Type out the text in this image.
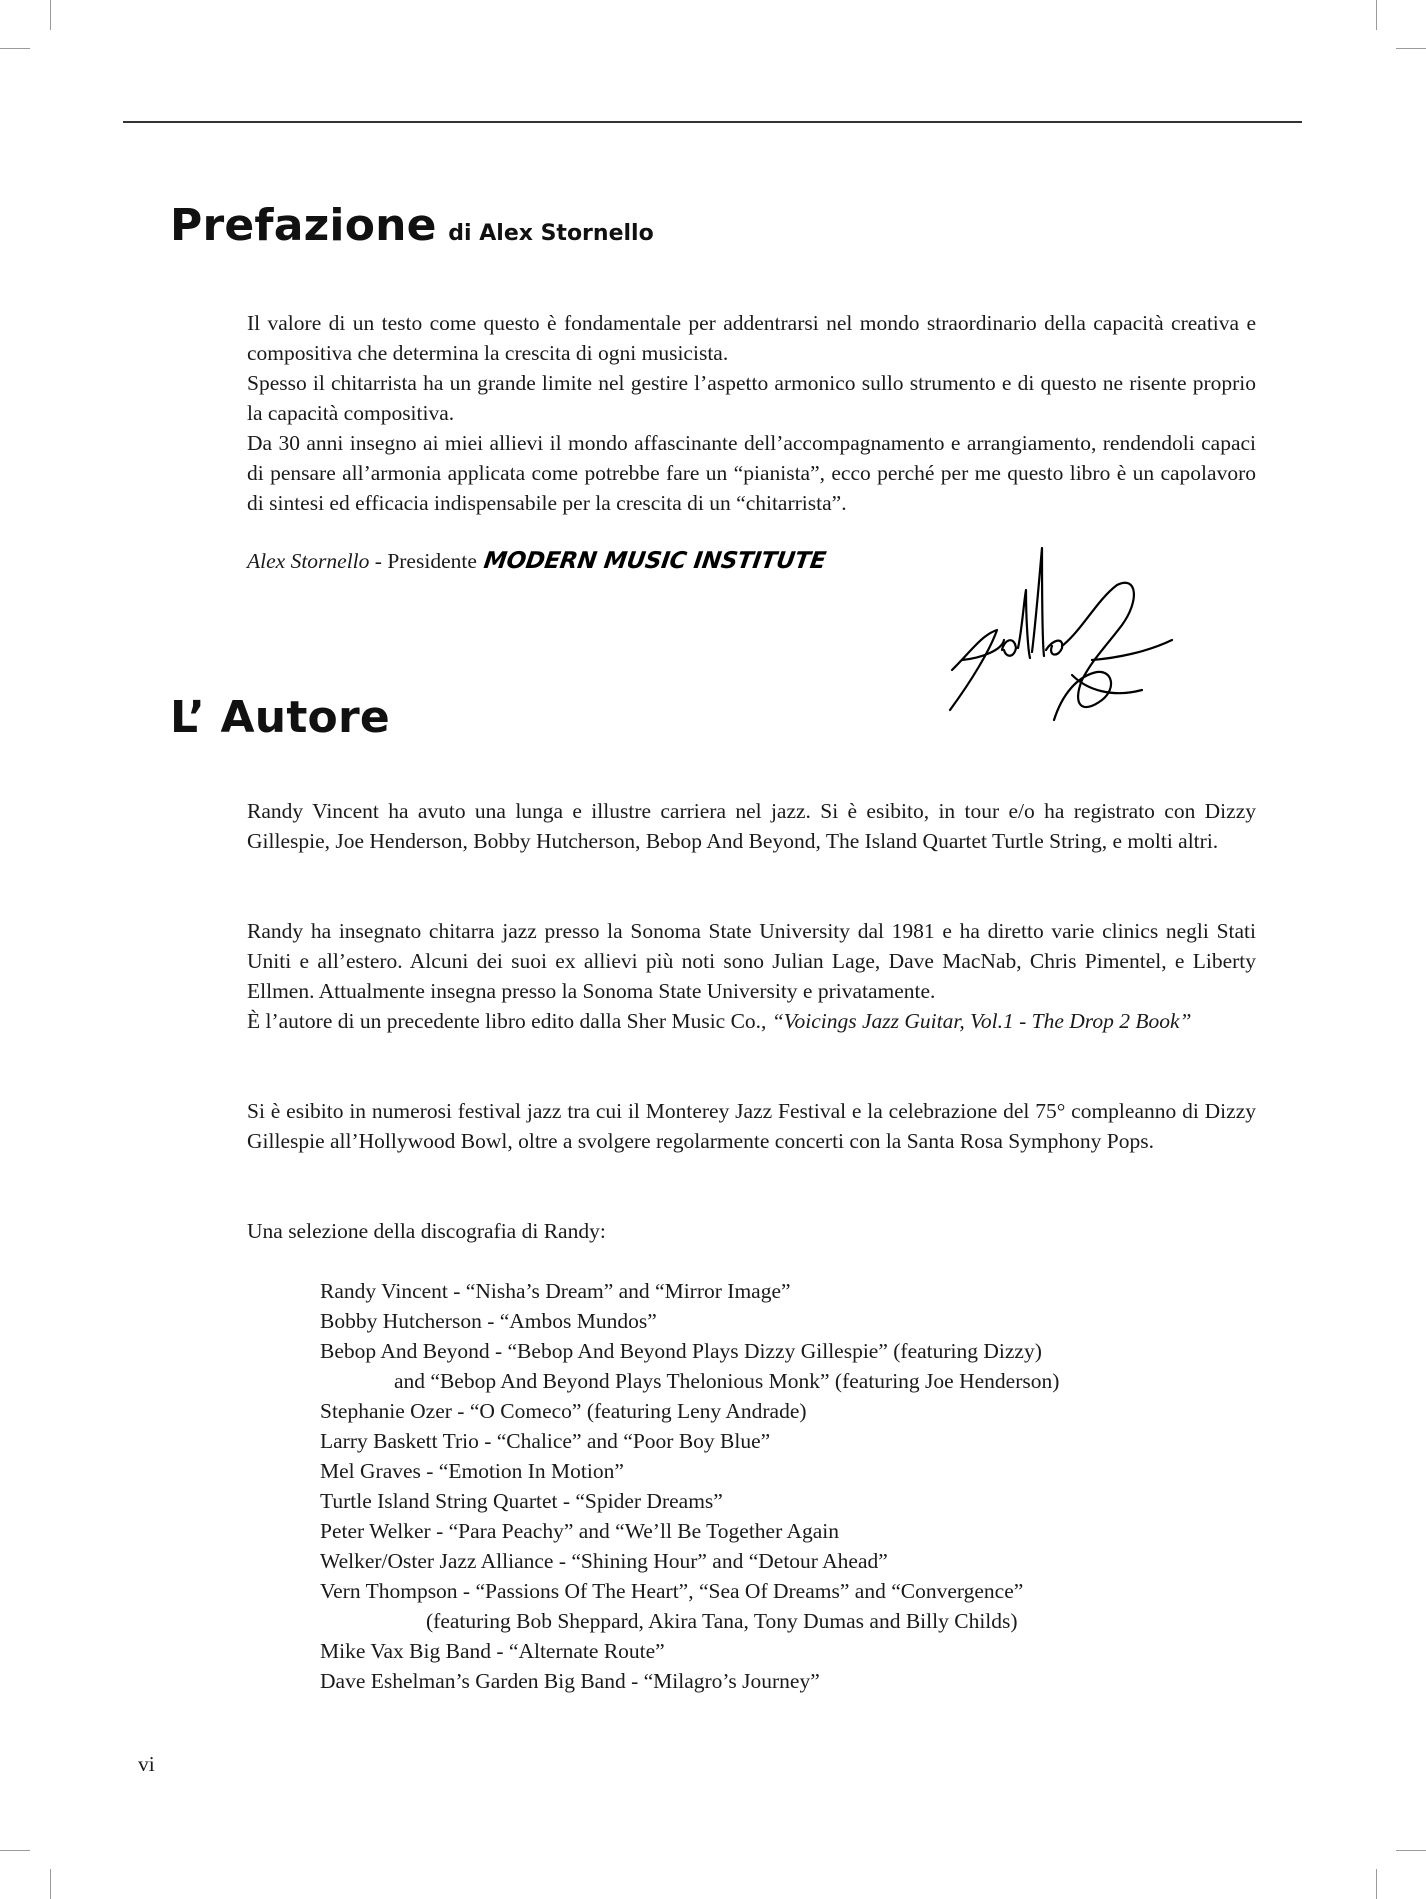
Prefazione di Alex Stornello

Il valore di un testo come questo è fondamentale per addentrarsi nel mondo straordinario della capacità creativa e compositiva che determina la crescita di ogni musicista.

Spesso il chitarrista ha un grande limite nel gestire l’aspetto armonico sullo strumento e di questo ne risente proprio la capacità compositiva.

Da 30 anni insegno ai miei allievi il mondo affascinante dell’accompagnamento e arrangiamento, rendendoli capaci di pensare all’armonia applicata come potrebbe fare un “pianista”, ecco perché per me questo libro è un capolavoro di sintesi ed efficacia indispensabile per la crescita di un “chitarrista”.

Alex Stornello - Presidente MODERN MUSIC INSTITUTE
L’ Autore

Randy Vincent ha avuto una lunga e illustre carriera nel jazz. Si è esibito, in tour e/o ha registrato con Dizzy Gillespie, Joe Henderson, Bobby Hutcherson, Bebop And Beyond, The Island Quartet Turtle String, e molti altri.

Randy ha insegnato chitarra jazz presso la Sonoma State University dal 1981 e ha diretto varie clinics negli Stati Uniti e all’estero. Alcuni dei suoi ex allievi più noti sono Julian Lage, Dave MacNab, Chris Pimentel, e Liberty Ellmen. Attualmente insegna presso la Sonoma State University e privatamente.

È l’autore di un precedente libro edito dalla Sher Music Co., “Voicings Jazz Guitar, Vol.1 - The Drop 2 Book”

Si è esibito in numerosi festival jazz tra cui il Monterey Jazz Festival e la celebrazione del 75° compleanno di Dizzy Gillespie all’Hollywood Bowl, oltre a svolgere regolarmente concerti con la Santa Rosa Symphony Pops.

Una selezione della discografia di Randy:

Randy Vincent - “Nisha’s Dream” and “Mirror Image”
Bobby Hutcherson - “Ambos Mundos”
Bebop And Beyond - “Bebop And Beyond Plays Dizzy Gillespie” (featuring Dizzy)
and “Bebop And Beyond Plays Thelonious Monk” (featuring Joe Henderson)
Stephanie Ozer - “O Comeco” (featuring Leny Andrade)
Larry Baskett Trio - “Chalice” and “Poor Boy Blue”
Mel Graves - “Emotion In Motion”
Turtle Island String Quartet - “Spider Dreams”
Peter Welker - “Para Peachy” and “We’ll Be Together Again
Welker/Oster Jazz Alliance - “Shining Hour” and “Detour Ahead”
Vern Thompson - “Passions Of The Heart”, “Sea Of Dreams” and “Convergence”
(featuring Bob Sheppard, Akira Tana, Tony Dumas and Billy Childs)
Mike Vax Big Band - “Alternate Route”
Dave Eshelman’s Garden Big Band - “Milagro’s Journey”
vi
